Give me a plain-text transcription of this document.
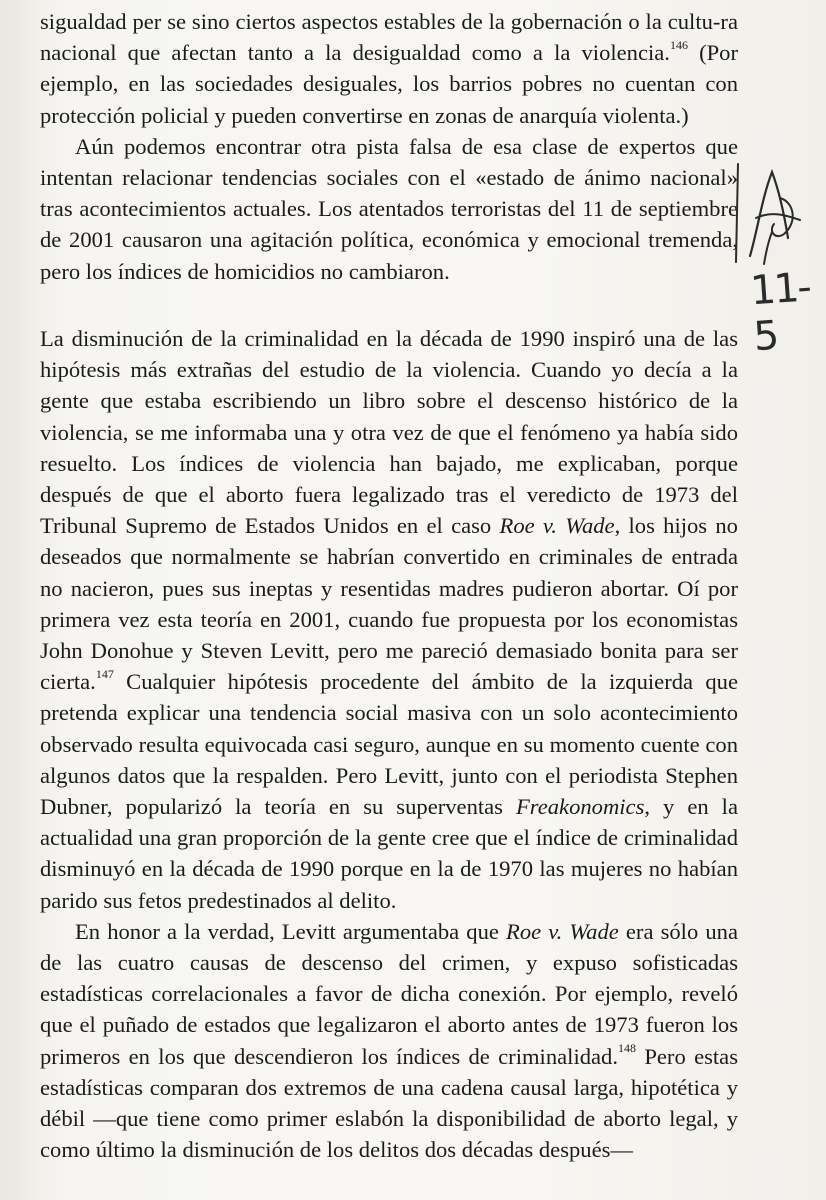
sigualdad per se sino ciertos aspectos estables de la gobernación o la cultu-ra nacional que afectan tanto a la desigualdad como a la violencia.$^{146}$ (Por ejemplo, en las sociedades desiguales, los barrios pobres no cuentan con protección policial y pueden convertirse en zonas de anarquía violenta.)

Aún podemos encontrar otra pista falsa de esa clase de expertos que intentan relacionar tendencias sociales con el «estado de ánimo nacional» tras acontecimientos actuales. Los atentados terroristas del 11 de septiembre de 2001 causaron una agitación política, económica y emocional tremenda, pero los índices de homicidios no cambiaron.

La disminución de la criminalidad en la década de 1990 inspiró una de las hipótesis más extrañas del estudio de la violencia. Cuando yo decía a la gente que estaba escribiendo un libro sobre el descenso histórico de la violencia, se me informaba una y otra vez de que el fenómeno ya había sido resuelto. Los índices de violencia han bajado, me explicaban, porque después de que el aborto fuera legalizado tras el veredicto de 1973 del Tribunal Supremo de Estados Unidos en el caso Roe v. Wade, los hijos no deseados que normalmente se habrían convertido en criminales de entrada no nacieron, pues sus ineptas y resentidas madres pudieron abortar. Oí por primera vez esta teoría en 2001, cuando fue propuesta por los economistas John Donohue y Steven Levitt, pero me pareció demasiado bonita para ser cierta.$^{147}$ Cualquier hipótesis procedente del ámbito de la izquierda que pretenda explicar una tendencia social masiva con un solo acontecimiento observado resulta equivocada casi seguro, aunque en su momento cuente con algunos datos que la respalden. Pero Levitt, junto con el periodista Stephen Dubner, popularizó la teoría en su superventas Freakonomics, y en la actualidad una gran proporción de la gente cree que el índice de criminalidad disminuyó en la década de 1990 porque en la de 1970 las mujeres no habían parido sus fetos predestinados al delito.

En honor a la verdad, Levitt argumentaba que Roe v. Wade era sólo una de las cuatro causas de descenso del crimen, y expuso sofisticadas estadísticas correlacionales a favor de dicha conexión. Por ejemplo, reveló que el puñado de estados que legalizaron el aborto antes de 1973 fueron los primeros en los que descendieron los índices de criminalidad.$^{148}$ Pero estas estadísticas comparan dos extremos de una cadena causal larga, hipotética y débil —que tiene como primer eslabón la disponibilidad de aborto legal, y como último la disminución de los delitos dos décadas después—

11-5
